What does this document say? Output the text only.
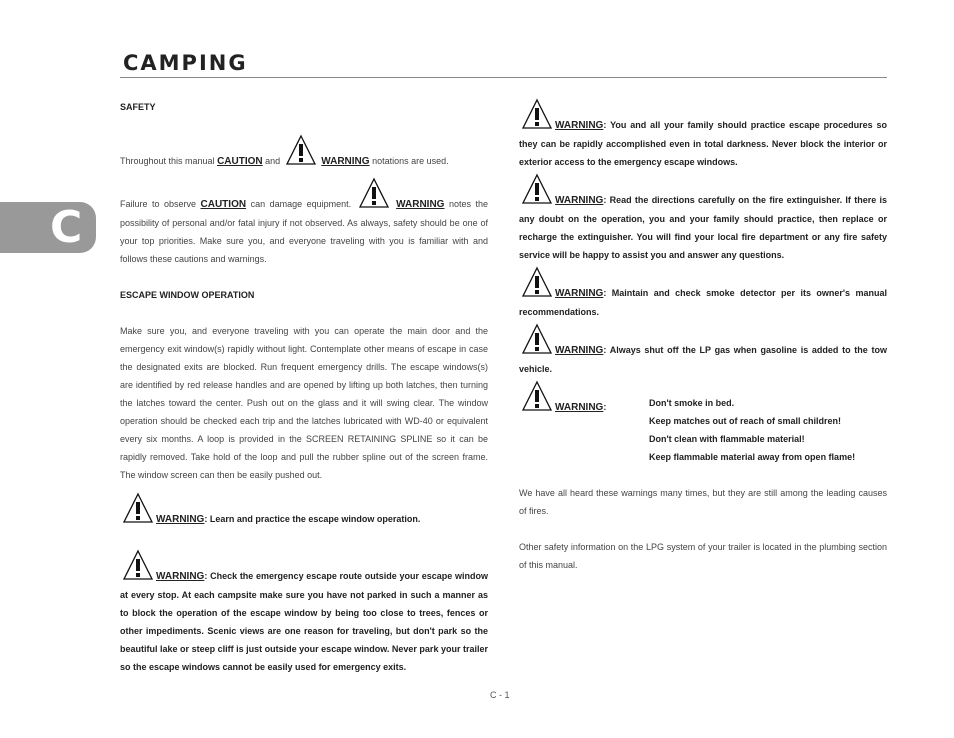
CAMPING
C

SAFETY

Throughout this manual CAUTION and	WARNING notations are used.

Failure to observe CAUTION can damage equipment.	WARNING notes the possibility of personal and/or fatal injury if not observed. As always, safety should be one of your top priorities. Make sure you, and everyone traveling with you is familiar with and follows these cautions and warnings.

ESCAPE WINDOW OPERATION

Make sure you, and everyone traveling with you can operate the main door and the emergency exit window(s) rapidly without light. Contemplate other means of escape in case the designated exits are blocked. Run frequent emergency drills. The escape windows(s) are identified by red release handles and are opened by lifting up both latches, then turning the latches toward the center. Push out on the glass and it will swing clear. The window operation should be checked each trip and the latches lubricated with WD-40 or equivalent every six months. A loop is provided in the SCREEN RETAINING SPLINE so it can be rapidly removed. Take hold of the loop and pull the rubber spline out of the screen frame. The window screen can then be easily pushed out.

WARNING: Learn and practice the escape window operation.

WARNING: Check the emergency escape route outside your escape window at every stop. At each campsite make sure you have not parked in such a manner as to block the operation of the escape window by being too close to trees, fences or other impediments. Scenic views are one reason for traveling, but don't park so the beautiful lake or steep cliff is just outside your escape window. Never park your trailer so the escape windows cannot be easily used for emergency exits.

WARNING: You and all your family should practice escape procedures so they can be rapidly accomplished even in total darkness. Never block the interior or exterior access to the emergency escape windows.

WARNING: Read the directions carefully on the fire extinguisher. If there is any doubt on the operation, you and your family should practice, then replace or recharge the extinguisher. You will find your local fire department or any fire safety service will be happy to assist you and answer any questions.

WARNING: Maintain and check smoke detector per its owner's manual recommendations.

WARNING: Always shut off the LP gas when gasoline is added to the tow vehicle.

WARNING:	Don't smoke in bed.
Keep matches out of reach of small children!
Don't clean with flammable material!
Keep flammable material away from open flame!

We have all heard these warnings many times, but they are still among the leading causes of fires.

Other safety information on the LPG system of your trailer is located in the plumbing section of this manual.

C - 1
